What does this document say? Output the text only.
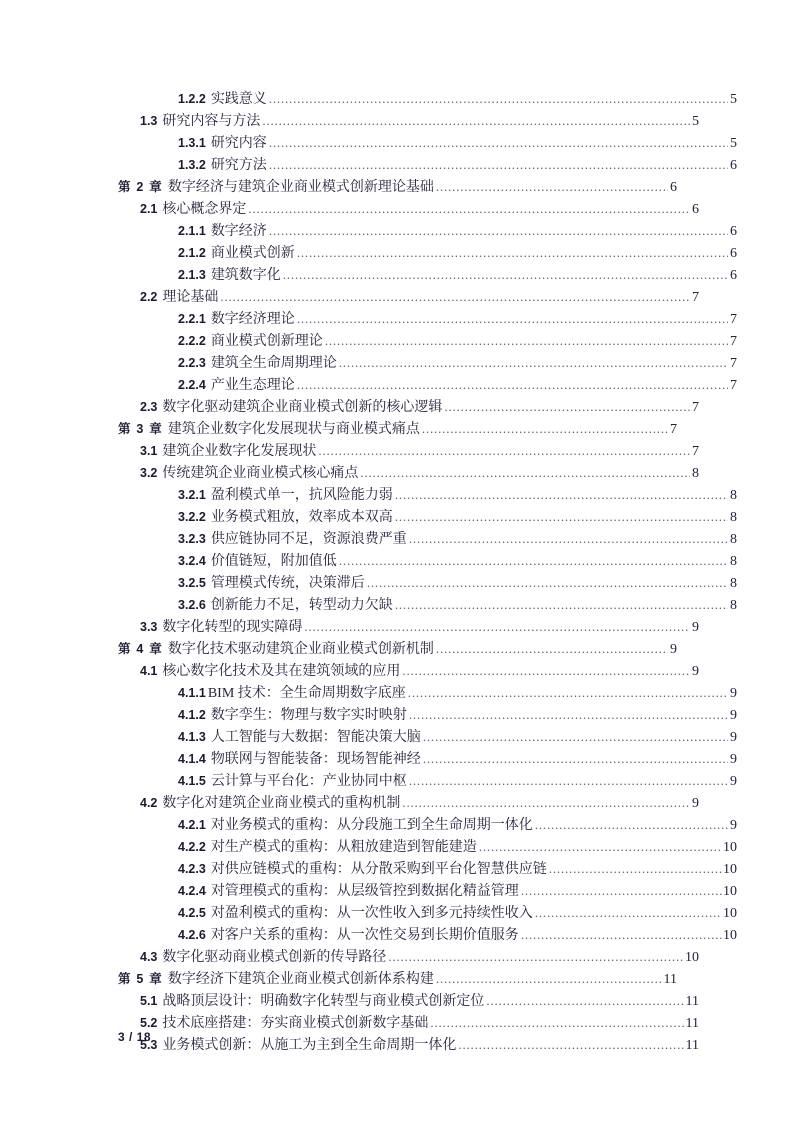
1.2.2 实践意义 .....	5
1.3 研究内容与方法 .....	5
1.3.1 研究内容 .....	5
1.3.2 研究方法 .....	6
第 2 章 数字经济与建筑企业商业模式创新理论基础 .....	6
2.1 核心概念界定 .....	6
2.1.1 数字经济 .....	6
2.1.2 商业模式创新 .....	6
2.1.3 建筑数字化 .....	6
2.2 理论基础 .....	7
2.2.1 数字经济理论 .....	7
2.2.2 商业模式创新理论 .....	7
2.2.3 建筑全生命周期理论 .....	7
2.2.4 产业生态理论 .....	7
2.3 数字化驱动建筑企业商业模式创新的核心逻辑 .....	7
第 3 章 建筑企业数字化发展现状与商业模式痛点 .....	7
3.1 建筑企业数字化发展现状 .....	7
3.2 传统建筑企业商业模式核心痛点 .....	8
3.2.1 盈利模式单一，抗风险能力弱 .....	8
3.2.2 业务模式粗放，效率成本双高 .....	8
3.2.3 供应链协同不足，资源浪费严重 .....	8
3.2.4 价值链短，附加值低 .....	8
3.2.5 管理模式传统，决策滞后 .....	8
3.2.6 创新能力不足，转型动力欠缺 .....	8
3.3 数字化转型的现实障碍 .....	9
第 4 章 数字化技术驱动建筑企业商业模式创新机制 .....	9
4.1 核心数字化技术及其在建筑领域的应用 .....	9
4.1.1 BIM 技术：全生命周期数字底座 .....	9
4.1.2 数字孪生：物理与数字实时映射 .....	9
4.1.3 人工智能与大数据：智能决策大脑 .....	9
4.1.4 物联网与智能装备：现场智能神经 .....	9
4.1.5 云计算与平台化：产业协同中枢 .....	9
4.2 数字化对建筑企业商业模式的重构机制 .....	9
4.2.1 对业务模式的重构：从分段施工到全生命周期一体化 .....	9
4.2.2 对生产模式的重构：从粗放建造到智能建造 .....	10
4.2.3 对供应链模式的重构：从分散采购到平台化智慧供应链 .....	10
4.2.4 对管理模式的重构：从层级管控到数据化精益管理 .....	10
4.2.5 对盈利模式的重构：从一次性收入到多元持续性收入 .....	10
4.2.6 对客户关系的重构：从一次性交易到长期价值服务 .....	10
4.3 数字化驱动商业模式创新的传导路径 .....	10
第 5 章 数字经济下建筑企业商业模式创新体系构建 .....	11
5.1 战略顶层设计：明确数字化转型与商业模式创新定位 .....	11
5.2 技术底座搭建：夯实商业模式创新数字基础 .....	11
5.3 业务模式创新：从施工为主到全生命周期一体化 .....	11
3 / 18
